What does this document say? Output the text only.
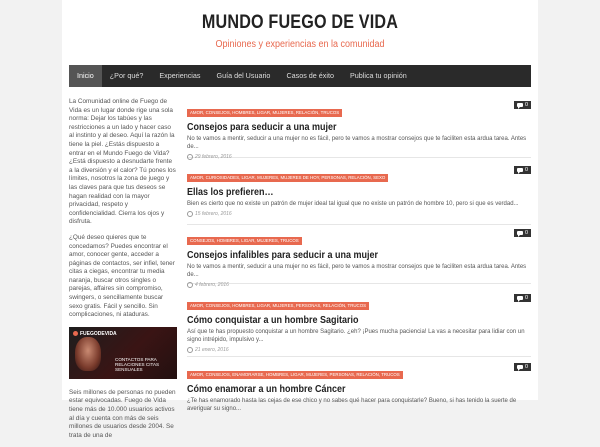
MUNDO FUEGO DE VIDA
Opiniones y experiencias en la comunidad
Inicio	¿Por qué?	Experiencias	Guía del Usuario	Casos de éxito	Publica tu opinión

La Comunidad online de Fuego de Vida es un lugar donde rige una sola norma: Dejar los tabúes y las restricciones a un lado y hacer caso al instinto y al deseo. Aquí la razón la tiene la piel. ¿Estás dispuesto a entrar en el Mundo Fuego de Vida? ¿Está dispuesto a desnudarte frente a la diversión y el calor? Tú pones los límites, nosotros la zona de juego y las claves para que tus deseos se hagan realidad con la mayor privacidad, respeto y confidencialidad. Cierra los ojos y disfruta.

¿Qué deseo quieres que te concedamos? Puedes encontrar el amor, conocer gente, acceder a páginas de contactos, ser infiel, tener citas a ciegas, encontrar tu media naranja, buscar otros singles o parejas, affaires sin compromiso, swingers, o sencillamente buscar sexo gratis. Fácil y sencillo. Sin complicaciones, ni ataduras.

FUEGODEVIDA
CONTACTOS PARA RELACIONES CITAS SENSUALES

Seis millones de personas no pueden estar equivocadas. Fuego de Vida tiene más de 10.000 usuarios activos al día y cuenta con más de seis millones de usuarios desde 2004. Se trata de una de

AMOR, CONSEJOS, HOMBRES, LIGAR, MUJERES, RELACIÓN, TRUCOS
0
Consejos para seducir a una mujer
No te vamos a mentir, seducir a una mujer no es fácil, pero te vamos a mostrar consejos que te faciliten esta ardua tarea. Antes de...
29 febrero, 2016
AMOR, CURIOSIDADES, LIGAR, MUJERES, MUJERES DE HOY, PERSONAS, RELACIÓN, SEXO
0
Ellas los prefieren…
Bien es cierto que no existe un patrón de mujer ideal tal igual que no existe un patrón de hombre 10, pero si que es verdad...
15 febrero, 2016
CONSEJOS, HOMBRES, LIGAR, MUJERES, TRUCOS
0
Consejos infalibles para seducir a una mujer
No te vamos a mentir, seducir a una mujer no es fácil, pero te vamos a mostrar consejos que te faciliten esta ardua tarea. Antes de...
4 febrero, 2016
AMOR, CONSEJOS, HOMBRES, LIGAR, MUJERES, PERSONAS, RELACIÓN, TRUCOS
0
Cómo conquistar a un hombre Sagitario
Así que te has propuesto conquistar a un hombre Sagitario. ¿eh? ¡Pues mucha paciencia! La vas a necesitar para lidiar con un signo intrépido, impulsivo y...
21 enero, 2016
AMOR, CONSEJOS, ENAMORARSE, HOMBRES, LIGAR, MUJERES, PERSONAS, RELACIÓN, TRUCOS
0
Cómo enamorar a un hombre Cáncer
¿Te has enamorado hasta las cejas de ese chico y no sabes qué hacer para conquistarle? Bueno, si has tenido la suerte de averiguar su signo...
